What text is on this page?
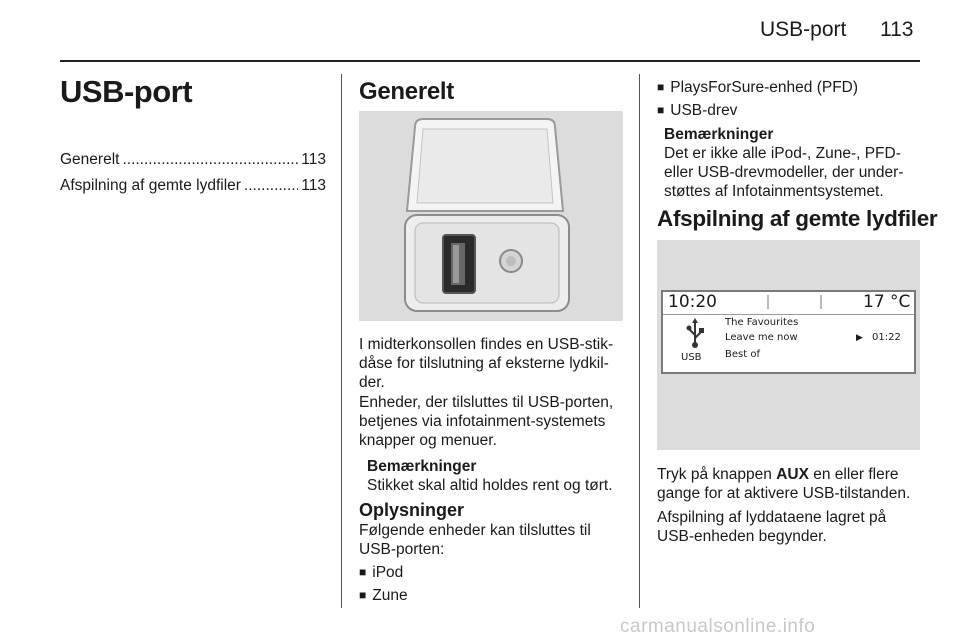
USB-port 113
USB-port
Generelt .....	113
Afspilning af gemte lydfiler .....	113
Generelt
I midterkonsollen findes en USB-stik-
dåse for tilslutning af eksterne lydkil-
der.
Enheder, der tilsluttes til USB-porten,
betjenes via infotainment-systemets
knapper og menuer.
Bemærkninger
Stikket skal altid holdes rent og tørt.
Oplysninger
Følgende enheder kan tilsluttes til
USB-porten:
■ iPod
■ Zune
■ PlaysForSure-enhed (PFD)
■ USB-drev
Bemærkninger
Det er ikke alle iPod-, Zune-, PFD-
eller USB-drevmodeller, der under-
støttes af Infotainmentsystemet.
Afspilning af gemte lydfiler
10:20	17 °C
USB
The Favourites
Leave me now
Best of
▶ 01:22
Tryk på knappen AUX en eller flere
gange for at aktivere USB-tilstanden.
Afspilning af lyddataene lagret på
USB-enheden begynder.
carmanualsonline.info
